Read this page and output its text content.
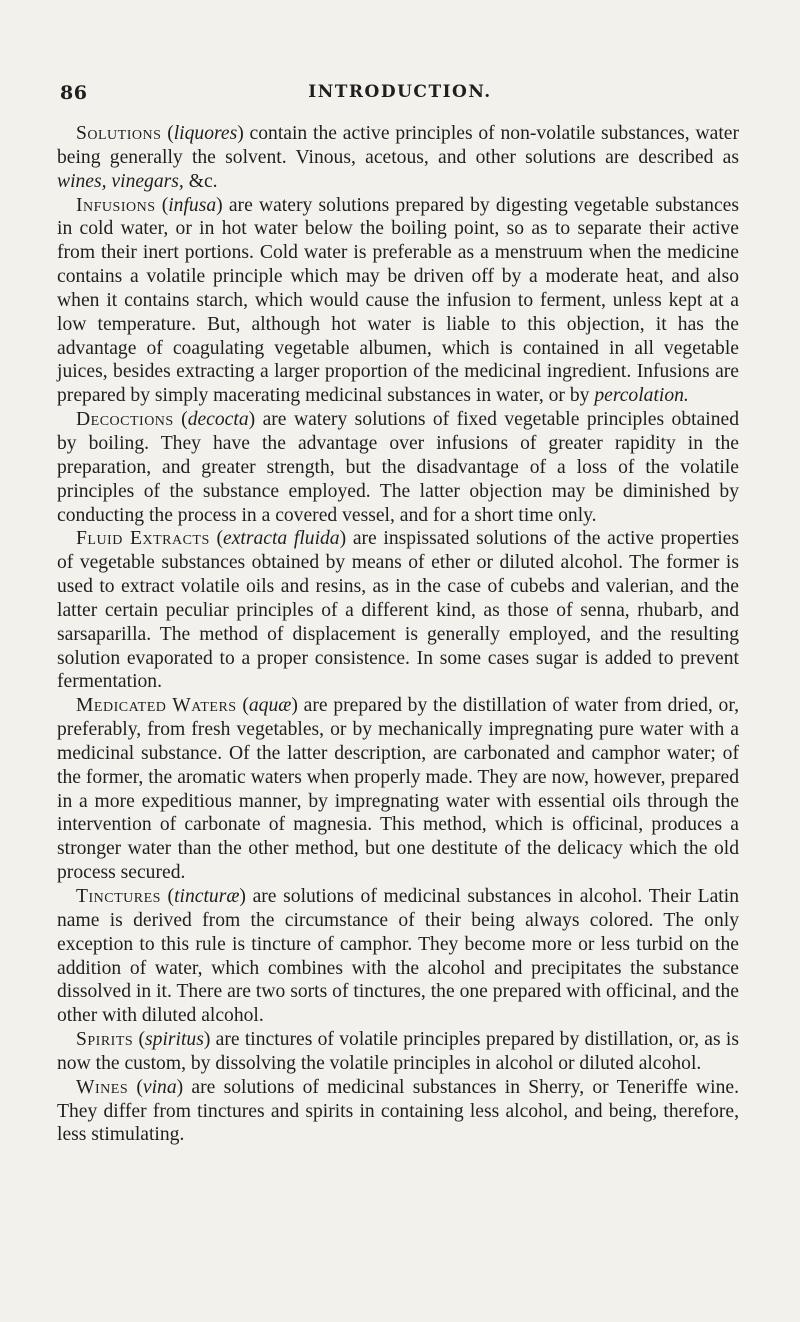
86	INTRODUCTION.

Solutions (liquores) contain the active principles of non-volatile substances, water being generally the solvent. Vinous, acetous, and other solutions are described as wines, vinegars, &c.

Infusions (infusa) are watery solutions prepared by digesting vegetable substances in cold water, or in hot water below the boiling point, so as to separate their active from their inert portions. Cold water is preferable as a menstruum when the medicine contains a volatile principle which may be driven off by a moderate heat, and also when it contains starch, which would cause the infusion to ferment, unless kept at a low temperature. But, although hot water is liable to this objection, it has the advantage of coagulating vegetable albumen, which is contained in all vegetable juices, besides extracting a larger proportion of the medicinal ingredient. Infusions are prepared by simply macerating medicinal substances in water, or by percolation.

Decoctions (decocta) are watery solutions of fixed vegetable principles obtained by boiling. They have the advantage over infusions of greater rapidity in the preparation, and greater strength, but the disadvantage of a loss of the volatile principles of the substance employed. The latter objection may be diminished by conducting the process in a covered vessel, and for a short time only.

Fluid Extracts (extracta fluida) are inspissated solutions of the active properties of vegetable substances obtained by means of ether or diluted alcohol. The former is used to extract volatile oils and resins, as in the case of cubebs and valerian, and the latter certain peculiar principles of a different kind, as those of senna, rhubarb, and sarsaparilla. The method of displacement is generally employed, and the resulting solution evaporated to a proper consistence. In some cases sugar is added to prevent fermentation.

Medicated Waters (aquæ) are prepared by the distillation of water from dried, or, preferably, from fresh vegetables, or by mechanically impregnating pure water with a medicinal substance. Of the latter description, are carbonated and camphor water; of the former, the aromatic waters when properly made. They are now, however, prepared in a more expeditious manner, by impregnating water with essential oils through the intervention of carbonate of magnesia. This method, which is officinal, produces a stronger water than the other method, but one destitute of the delicacy which the old process secured.

Tinctures (tincturæ) are solutions of medicinal substances in alcohol. Their Latin name is derived from the circumstance of their being always colored. The only exception to this rule is tincture of camphor. They become more or less turbid on the addition of water, which combines with the alcohol and precipitates the substance dissolved in it. There are two sorts of tinctures, the one prepared with officinal, and the other with diluted alcohol.

Spirits (spiritus) are tinctures of volatile principles prepared by distillation, or, as is now the custom, by dissolving the volatile principles in alcohol or diluted alcohol.

Wines (vina) are solutions of medicinal substances in Sherry, or Teneriffe wine. They differ from tinctures and spirits in containing less alcohol, and being, therefore, less stimulating.
